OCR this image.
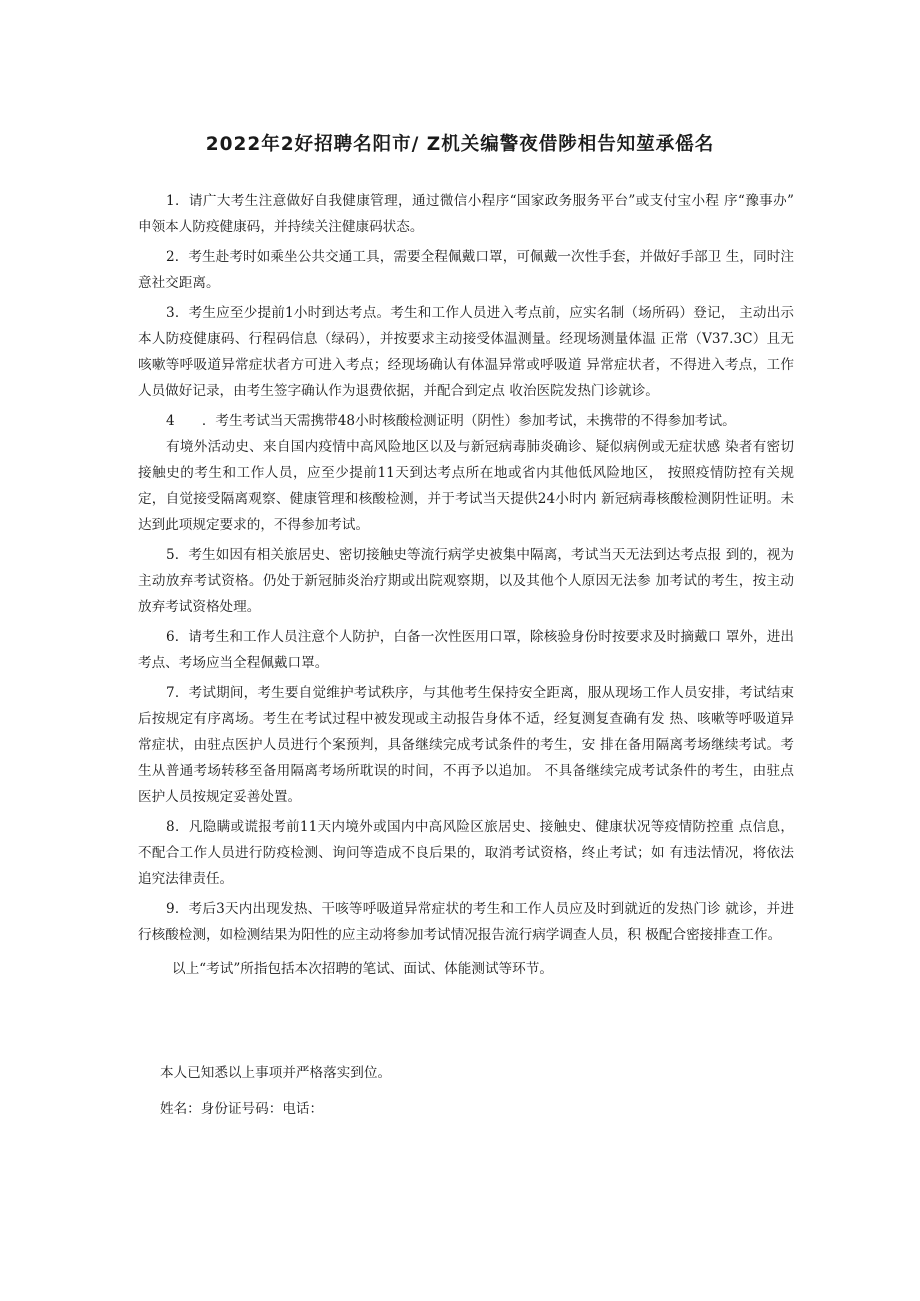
2022年2好招聘名阳市/ Z机关编警夜借陟相告知堃承傜名

1．请广大考生注意做好自我健康管理，通过微信小程序“国家政务服务平台”或支付宝小程 序“豫事办” 申领本人防疫健康码，并持续关注健康码状态。

2．考生赴考时如乘坐公共交通工具，需要全程佩戴口罩，可佩戴一次性手套，并做好手部卫 生，同时注意社交距离。

3．考生应至少提前1小时到达考点。考生和工作人员进入考点前，应实名制（场所码）登记， 主动出示本人防疫健康码、行程码信息（绿码），并按要求主动接受体温测量。经现场测量体温 正常（V37.3C）且无咳嗽等呼吸道异常症状者方可进入考点；经现场确认有体温异常或呼吸道 异常症状者，不得进入考点，工作人员做好记录，由考生签字确认作为退费依据，并配合到定点 收治医院发热门诊就诊。

4　　．考生考试当天需携带48小时核酸检测证明（阴性）参加考试，未携带的不得参加考试。

有境外活动史、来自国内疫情中高风险地区以及与新冠病毒肺炎确诊、疑似病例或无症状感 染者有密切接触史的考生和工作人员，应至少提前11天到达考点所在地或省内其他低风险地区， 按照疫情防控有关规定，自觉接受隔离观察、健康管理和核酸检测，并于考试当天提供24小时内 新冠病毒核酸检测阴性证明。未达到此项规定要求的，不得参加考试。

5．考生如因有相关旅居史、密切接触史等流行病学史被集中隔离，考试当天无法到达考点报 到的，视为主动放弃考试资格。仍处于新冠肺炎治疗期或出院观察期，以及其他个人原因无法参 加考试的考生，按主动放弃考试资格处理。

6．请考生和工作人员注意个人防护，白备一次性医用口罩，除核验身份时按要求及时摘戴口 罩外，进出考点、考场应当全程佩戴口罩。

7．考试期间，考生要自觉维护考试秩序，与其他考生保持安全距离，服从现场工作人员安排，考试结束后按规定有序离场。考生在考试过程中被发现或主动报告身体不适，经复测复查确有发 热、咳嗽等呼吸道异常症状，由驻点医护人员进行个案预判，具备继续完成考试条件的考生，安 排在备用隔离考场继续考试。考生从普通考场转移至备用隔离考场所耽误的时间，不再予以追加。 不具备继续完成考试条件的考生，由驻点医护人员按规定妥善处置。

8．凡隐瞒或谎报考前11天内境外或国内中高风险区旅居史、接触史、健康状况等疫情防控重 点信息，不配合工作人员进行防疫检测、询问等造成不良后果的，取消考试资格，终止考试；如 有违法情况，将依法追究法律责任。

9．考后3天内出现发热、干咳等呼吸道异常症状的考生和工作人员应及时到就近的发热门诊 就诊，并进行核酸检测，如检测结果为阳性的应主动将参加考试情况报告流行病学调查人员，积 极配合密接排查工作。

以上“考试”所指包括本次招聘的笔试、面试、体能测试等环节。

本人已知悉以上事项并严格落实到位。

姓名：身份证号码：电话：
